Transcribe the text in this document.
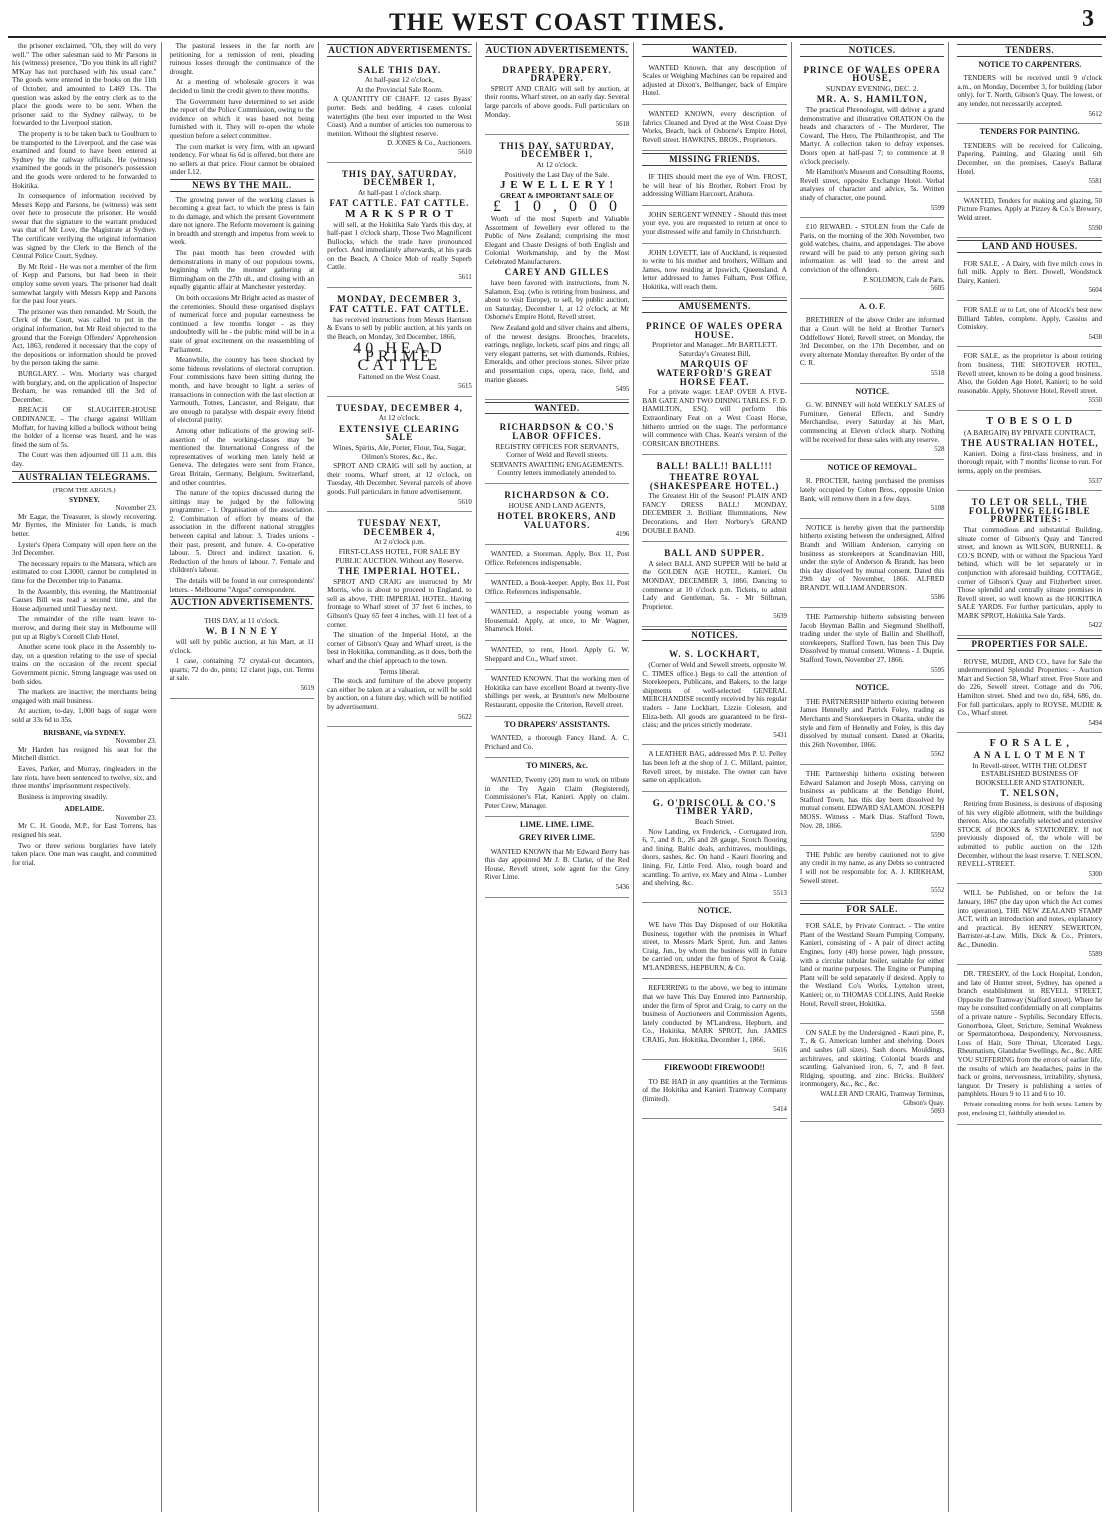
THE WEST COAST TIMES.	3

the prisoner exclaimed, "Oh, they will do very well." The other salesman said to Mr Parsons in his (witness) presence, "Do you think its all right? M'Kay has not purchased with his usual care." The goods were entered in the books on the 11th of October, and amounted to L469 13s. The question was asked by the entry clerk as to the place the goods were to be sent. When the prisoner said to the Sydney railway, to be forwarded to the Liverpool station.

The property is to be taken back to Goulburn to be transported to the Liverpool, and the case was examined and found to have been entered at Sydney by the railway officials. He (witness) examined the goods in the prisoner's possession and the goods were ordered to be forwarded to Hokitika.

In consequence of information received by Messrs Kepp and Parsons, he (witness) was sent over here to prosecute the prisoner. He would swear that the signature to the warrant produced was that of Mr Love, the Magistrate at Sydney. The certificate verifying the original information was signed by the Clerk to the Bench of the Central Police Court, Sydney.

By Mr Reid - He was not a member of the firm of Kepp and Parsons, but had been in their employ some seven years. The prisoner had dealt somewhat largely with Messrs Kepp and Parsons for the past four years.

The prisoner was then remanded. Mr South, the Clerk of the Court, was called to put in the original information, but Mr Reid objected to the ground that the Foreign Offenders' Apprehension Act, 1863, rendered it necessary that the copy of the depositions or information should be proved by the person taking the same.

BURGLARY. - Wm. Moriarty was charged with burglary, and, on the application of Inspector Broham, he was remanded till the 3rd of December.

BREACH OF SLAUGHTER-HOUSE ORDINANCE. - The charge against William Moffatt, for having killed a bullock without being the holder of a license was heard, and he was fined the sum of 5s.

The Court was then adjourned till 11 a.m. this day.

AUSTRALIAN TELEGRAMS.
(FROM THE ARGUS.)
SYDNEY.
November 23.

Mr Eagar, the Treasurer, is slowly recovering. Mr Byrnes, the Minister for Lands, is much better.

Lyster's Opera Company will open here on the 3rd December.

The necessary repairs to the Matsura, which are estimated to cost L3000, cannot be completed in time for the December trip to Panama.

In the Assembly, this evening, the Matrimonial Causes Bill was read a second time, and the House adjourned until Tuesday next.

The remainder of the rifle team leave to-morrow, and during their stay in Melbourne will put up at Rigby's Cornell Club Hotel.

Another scene took place in the Assembly to-day, on a question relating to the use of special trains on the occasion of the recent special Government picnic. Strong language was used on both sides.

The markets are inactive; the merchants being engaged with mail business.

At auction, to-day, 1,000 bags of sugar were sold at 33s 6d to 35s.

BRISBANE, via SYDNEY.
November 23.

Mr Harden has resigned his seat for the Mitchell district.

Eaves, Parker, and Murray, ringleaders in the late riots, have been sentenced to twelve, six, and three months' imprisonment respectively.

Business is improving steadily.

ADELAIDE.
November 23.

Mr C. H. Goode, M.P., for East Torrens, has resigned his seat.

Two or three serious burglaries have lately taken place. One man was caught, and committed for trial.

The pastoral lessees in the far north are petitioning for a remission of rent, pleading ruinous losses through the continuance of the drought.

At a meeting of wholesale grocers it was decided to limit the credit given to three months.

The Government have determined to set aside the report of the Police Commission, owing to the evidence on which it was based not being furnished with it. They will re-open the whole question before a select committee.

The corn market is very firm, with an upward tendency. For wheat 6s 6d is offered, but there are no sellers at that price. Flour cannot be obtained under L12.

NEWS BY THE MAIL.

The growing power of the working classes is becoming a great fact, to which the press is fain to do damage, and which the present Government dare not ignore. The Reform movement is gaining in breadth and strength and impetus from week to week.

The past month has been crowded with demonstrations in many of our populous towns, beginning with the monster gathering at Birmingham on the 27th ult., and closing with an equally gigantic affair at Manchester yesterday.

On both occasions Mr Bright acted as master of the ceremonies. Should these organised displays of numerical force and popular earnestness be continued a few months longer - as they undoubtedly will be - the public mind will be in a state of great excitement on the reassembling of Parliament.

Meanwhile, the country has been shocked by some hideous revelations of electoral corruption. Four commissions have been sitting during the month, and have brought to light a series of transactions in connection with the last election at Yarmouth, Totnes, Lancaster, and Reigate, that are enough to paralyse with despair every friend of electoral purity.

Among other indications of the growing self-assertion of the working-classes may be mentioned the International Congress of the representatives of working men lately held at Geneva. The delegates were sent from France, Great Britain, Germany, Belgium, Switzerland, and other countries.

The nature of the topics discussed during the sittings may be judged by the following programme: - 1. Organisation of the association. 2. Combination of effort by means of the association in the different national struggles between capital and labour. 3. Trades unions - their past, present, and future. 4. Co-operative labour. 5. Direct and indirect taxation. 6. Reduction of the hours of labour. 7. Female and children's labour.

The details will be found in our correspondents' letters. - Melbourne "Argus" correspondent.

AUCTION ADVERTISEMENTS.
THIS DAY, at 11 o'clock.
W. B I N N E Y

will sell by public auction, at his Mart, at 11 o'clock.

1 case, containing 72 crystal-cut decanters, quarts; 72 do do, pints; 12 claret jugs, cut. Terms at sale.

5619
AUCTION ADVERTISEMENTS.
SALE THIS DAY.
At half-past 12 o'clock,
At the Provincial Sale Room.

A QUANTITY OF CHAFF. 12 cases Byass' porter. Beds and bedding. 4 cases colonial watertights (the best ever imported to the West Coast). And a number of articles too numerous to mention. Without the slightest reserve.

D. JONES & Co., Auctioneers.
5610
THIS DAY, SATURDAY, DECEMBER 1,
At half-past 1 o'clock sharp.
FAT CATTLE. FAT CATTLE.
M A R K S P R O T

will sell, at the Hokitika Sale Yards this day, at half-past 1 o'clock sharp, Those Two Magnificent Bullocks, which the trade have pronounced perfect. And immediately afterwards, at his yards on the Beach, A Choice Mob of really Superb Cattle.

5611
MONDAY, DECEMBER 3,
FAT CATTLE. FAT CATTLE.

has received instructions from Messrs Harrison & Evans to sell by public auction, at his yards on the Beach, on Monday, 3rd December, 1866,

40 HEAD PRIME CATTLE
Fattened on the West Coast.
5615
TUESDAY, DECEMBER 4,
At 12 o'clock.
EXTENSIVE CLEARING SALE
Wines, Spirits, Ale, Porter, Flour, Tea, Sugar, Oilmen's Stores, &c., &c.

SPROT AND CRAIG will sell by auction, at their rooms, Wharf street, at 12 o'clock, on Tuesday, 4th December. Several parcels of above goods. Full particulars in future advertisement.

5610
TUESDAY NEXT, DECEMBER 4,
At 2 o'clock p.m.
FIRST-CLASS HOTEL, FOR SALE BY PUBLIC AUCTION. Without any Reserve.
THE IMPERIAL HOTEL.

SPROT AND CRAIG are instructed by Mr Morris, who is about to proceed to England, to sell as above. THE IMPERIAL HOTEL. Having frontage to Wharf street of 37 feet 6 inches, to Gibson's Quay 65 feet 4 inches, with 11 feet of a corner.

The situation of the Imperial Hotel, at the corner of Gibson's Quay and Wharf street, is the best in Hokitika, commanding, as it does, both the wharf and the chief approach to the town.

Terms liberal.

The stock and furniture of the above property can either be taken at a valuation, or will be sold by auction, on a future day, which will be notified by advertisement.

5622
AUCTION ADVERTISEMENTS.
DRAPERY. DRAPERY. DRAPERY.

SPROT AND CRAIG will sell by auction, at their rooms, Wharf street, on an early day. Several large parcels of above goods. Full particulars on Monday.

5618
THIS DAY, SATURDAY, DECEMBER 1,
At 12 o'clock.
Positively the Last Day of the Sale.
J E W E L L E R Y !
GREAT & IMPORTANT SALE OF
£ 1 0 , 0 0 0

Worth of the most Superb and Valuable Assortment of Jewellery ever offered to the Public of New Zealand; comprising the most Elegant and Chaste Designs of both English and Colonial Workmanship, and by the Most Celebrated Manufacturers.

CAREY AND GILLES

have been favored with instructions, from N. Salamon, Esq. (who is retiring from business, and about to visit Europe), to sell, by public auction, on Saturday, December 1, at 12 o'clock, at Mr Osborne's Empire Hotel, Revell street.

New Zealand gold and silver chains and alberts, of the newest designs. Brooches, bracelets, earrings, neglige, lockets, scarf pins and rings; all very elegant patterns, set with diamonds, Rubies, Emeralds, and other precious stones. Silver prize and presentation cups, opera, race, field, and marine glasses.

5495
WANTED.
RICHARDSON & CO.'S LABOR OFFICES.
REGISTRY OFFICES FOR SERVANTS, Corner of Weld and Revell streets.
SERVANTS AWAITING ENGAGEMENTS. Country letters immediately attended to.
RICHARDSON & CO.
HOUSE AND LAND AGENTS,
HOTEL BROKERS, AND VALUATORS.
4196

WANTED, a Storeman. Apply, Box 11, Post Office. References indispensable.

WANTED, a Book-keeper. Apply, Box 11, Post Office. References indispensable.

WANTED, a respectable young woman as Housemaid. Apply, at once, to Mr Wagner, Shamrock Hotel.

WANTED, to rent, Hotel. Apply G. W. Sheppard and Co., Wharf street.

WANTED KNOWN. That the working men of Hokitika can have excellent Board at twenty-five shillings per week, at Brunton's new Melbourne Restaurant, opposite the Criterion, Revell street.

TO DRAPERS' ASSISTANTS.

WANTED, a thorough Fancy Hand. A. C. Prichard and Co.

TO MINERS, &c.

WANTED, Twenty (20) men to work on tribute in the Try Again Claim (Registered), Commissioner's Flat, Kanieri. Apply on claim. Peter Crew, Manager.

LIME. LIME. LIME.
GREY RIVER LIME.

WANTED KNOWN that Mr Edward Berry has this day appointed Mr J. B. Clarke, of the Red House, Revell street, sole agent for the Grey River Lime.

5436
WANTED.

WANTED Known, that any description of Scales or Weighing Machines can be repaired and adjusted at Dixon's, Bellhanger, back of Empire Hotel.

WANTED KNOWN, every description of fabrics Cleaned and Dyed at the West Coast Dye Works, Beach, back of Osborne's Empire Hotel, Revell street. HAWKINS, BROS., Proprietors.

MISSING FRIENDS.

IF THIS should meet the eye of Wm. FROST, he will hear of his Brother, Robert Frost by addressing William Harcourt, Arahura.

JOHN SERGENT WINNEY - Should this meet your eye, you are requested to return at once to your distressed wife and family in Christchurch.

JOHN LOVETT, late of Auckland, is requested to write to his mother and brothers, William and James, now residing at Ipswich, Queensland. A letter addressed to James Fulham, Post Office, Hokitika, will reach them.

AMUSEMENTS.
PRINCE OF WALES OPERA HOUSE.
Proprietor and Manager...Mr BARTLETT. Saturday's Greatest Bill,
MARQUIS OF WATERFORD'S GREAT HORSE FEAT.

For a private wager. LEAP OVER A FIVE-BAR GATE AND TWO DINING TABLES. F. D. HAMILTON, ESQ. will perform this Extraordinary Feat on a West Coast Horse, hitherto untried on the stage. The performance will commence with Chas. Kean's version of the CORSICAN BROTHERS.

BALL! BALL!! BALL!!!
THEATRE ROYAL (SHAKESPEARE HOTEL.)

The Greatest Hit of the Season! PLAIN AND FANCY DRESS BALL! MONDAY, DECEMBER 3. Brilliant Illuminations, New Decorations, and Herr Norbury's GRAND DOUBLE BAND.

BALL AND SUPPER.

A select BALL AND SUPPER Will be held at the GOLDEN AGE HOTEL, Kanieri, On MONDAY, DECEMBER 3, 1866. Dancing to commence at 10 o'clock p.m. Tickets, to admit Lady and Gentleman, 5s. - Mr Stillman, Proprietor.

5639
NOTICES.
W. S. LOCKHART,

(Corner of Weld and Sewell streets, opposite W. C. TIMES office.) Begs to call the attention of Storekeepers, Publicans, and Bakers, to the large shipments of well-selected GENERAL MERCHANDISE recently received by his regular traders - Jane Lockhart, Lizzie Coleson, and Eliza-beth. All goods are guaranteed to be first-class; and the prices strictly moderate.

5431

A LEATHER BAG, addressed Mrs P. U. Pelley has been left at the shop of J. C. Millard, painter, Revell street, by mistake. The owner can have same on application.

G. O'DRISCOLL & CO.'S TIMBER YARD,
Beach Street.

Now Landing, ex Frederick, - Corrugated iron, 6, 7, and 8 ft., 26 and 28 gauge, Scotch flooring and lining. Baltic deals, architraves, mouldings, doors, sashes, &c. On hand - Kauri flooring and lining, Fir, Little Fred. Also, rough board and scantling. To arrive, ex Mary and Alma - Lumber and shelving, &c.

5513
NOTICE.

WE have This Day Disposed of our Hokitika Business, together with the premises in Wharf street, to Messrs Mark Sprot, Jun. and James Craig, Jun., by whom the business will in future be carried on, under the firm of Sprot & Craig. M'LANDRESS, HEPBURN, & Co.

REFERRING to the above, we beg to intimate that we have This Day Entered into Partnership, under the firm of Sprot and Craig, to carry on the business of Auctioneers and Commission Agents, lately conducted by M'Landress, Hepburn, and Co., Hokitika. MARK SPROT, Jun. JAMES CRAIG, Jun. Hokitika, December 1, 1866.

5616
FIREWOOD! FIREWOOD!!

TO BE HAD in any quantities at the Terminus of the Hokitika and Kanieri Tramway Company (limited).

5414
NOTICES.
PRINCE OF WALES OPERA HOUSE,
SUNDAY EVENING, DEC. 2.
MR. A. S. HAMILTON,

The practical Phrenologist, will deliver a grand demonstrative and illustrative ORATION On the heads and characters of - The Murderer, The Coward, The Hero, The Philanthropist, and The Martyr. A collection taken to defray expenses. Doors open at half-past 7; to commence at 8 o'clock precisely.

Mr Hamilton's Museum and Consulting Rooms, Revell street, opposite Exchange Hotel. Verbal analyses of character and advice, 5s. Written study of character, one pound.

5599

£10 REWARD. - STOLEN from the Cafe de Paris, on the morning of the 30th November, two gold watches, chains, and appendages. The above reward will be paid to any person giving such information as will lead to the arrest and conviction of the offenders.

P. SOLOMON, Cafe de Paris.
5605
A. O. F.

BRETHREN of the above Order are informed that a Court will be held at Brother Turner's Oddfellows' Hotel, Revell street, on Monday, the 3rd December, on the 17th December, and on every alternate Monday thereafter. By order of the C. R.

5518
NOTICE.

G. W. BINNEY will hold WEEKLY SALES of Furniture, General Effects, and Sundry Merchandise, every Saturday at his Mart, commencing at Eleven o'clock sharp. Nothing will be received for these sales with any reserve.

528
NOTICE OF REMOVAL.

R. PROCTER, having purchased the premises lately occupied by Cohen Bros., opposite Union Bank, will remove there in a few days.

5108

NOTICE is hereby given that the partnership hitherto existing between the undersigned, Alfred Brandt and William Anderson, carrying on business as storekeepers at Scandinavian Hill, under the style of Anderson & Brandt, has been this day dissolved by mutual consent. Dated this 29th day of November, 1866. ALFRED BRANDT. WILLIAM ANDERSON.

5586

THE Partnership hitherto subsisting between Jacob Heyman Ballin and Siegmund Shellhoff, trading under the style of Ballin and Shellhoff, storekeepers, Stafford Town, has been This Day Dissolved by mutual consent. Witness - J. Duprie. Stafford Town, November 27, 1866.

5595
NOTICE.

THE PARTNERSHIP hitherto existing between James Hennelly and Patrick Foley, trading as Merchants and Storekeepers in Okarita, under the style and firm of Hennelly and Foley, is this day dissolved by mutual consent. Dated at Okarita, this 26th November, 1866.

5562

THE Partnership hitherto existing between Edward Salamon and Joseph Moss, carrying on business as publicans at the Bendigo Hotel, Stafford Town, has this day been dissolved by mutual consent. EDWARD SALAMON. JOSEPH MOSS. Witness - Mark Dias. Stafford Town, Nov. 28, 1866.

5590

THE Public are hereby cautioned not to give any credit in my name, as any Debts so contracted I will not be responsible for. A. J. KIRKHAM, Sewell street.

5552
FOR SALE.

FOR SALE, by Private Contract. - The entire Plant of the Westland Steam Pumping Company, Kanieri, consisting of - A pair of direct acting Engines, forty (40) horse power, high pressure, with a circular tubular boiler, suitable for either land or marine purposes. The Engine or Pumping Plant will be sold separately if desired. Apply to the Westland Co's Works, Lyttelton street, Kanieri; or, to THOMAS COLLINS, Auld Reekie Hotel, Revell street, Hokitika.

5568

ON SALE by the Undersigned - Kauri pine, P., T., & G. American lumber and shelving. Doors and sashes (all sizes). Sash doors. Mouldings, architraves, and skirting. Colonial boards and scantling. Galvanised iron, 6, 7, and 8 feet. Ridging, spouting, and zinc. Bricks. Builders' ironmongery, &c., &c., &c.

WALLER AND CRAIG, Tramway Terminus, Gibson's Quay.
5093
TENDERS.
NOTICE TO CARPENTERS.

TENDERS will be received until 9 o'clock a.m., on Monday, December 3, for building (labor only). for T. North, Gibson's Quay. The lowest, or any tender, not necessarily accepted.

5612
TENDERS FOR PAINTING.

TENDERS will be received for Calicoing, Papering, Painting, and Glazing until 6th December, on the premises, Casey's Ballarat Hotel.

5581

WANTED, Tenders for making and glazing, 50 Picture Frames. Apply at Pizzey & Co.'s Brewery, Weld street.

5590
LAND AND HOUSES.

FOR SALE, - A Dairy, with five milch cows in full milk. Apply to Bert. Dowell, Woodstock Dairy, Kanieri.

5604

FOR SALE or to Let, one of Alcock's best new Billiard Tables, complete. Apply, Cassius and Comiskey.

5438

FOR SALE, as the proprietor is about retiring from business, THE SHOTOVER HOTEL, Revell street, known to be doing a good business. Also, the Golden Age Hotel, Kanieri; to be sold reasonable. Apply, Shotover Hotel, Revell street.

5550
T O B E S O L D
(A BARGAIN) BY PRIVATE CONTRACT,
THE AUSTRALIAN HOTEL,

Kanieri. Doing a first-class business, and in thorough repair, with 7 months' license to run. For terms, apply on the premises.

5537
TO LET OR SELL, THE FOLLOWING ELIGIBLE PROPERTIES: -

That commodious and substantial Building, situate corner of Gibson's Quay and Tancred street, and known as WILSON, BURNELL & CO.'S BOND, with or without the Spacious Yard behind, which will be let separately or in conjunction with aforesaid building. COTTAGE, corner of Gibson's Quay and Fitzherbert street. Those splendid and centrally situate premises in Revell street, so well known as the HOKITIKA SALE YARDS. For further particulars, apply to MARK SPROT, Hokitika Sale Yards.

5422
PROPERTIES FOR SALE.

ROYSE, MUDIE, AND CO., have for Sale the undermentioned Splendid Properties: - Auction Mart and Section 58, Wharf street. Free Store and do 226, Sewell street. Cottage and do 706, Hamilton street. Shed and two do, 684, 686, do. For full particulars, apply to ROYSE, MUDIE & Co., Wharf street.

5494
F O R S A L E ,
A N A L L O T M E N T
In Revell-street, WITH THE OLDEST ESTABLISHED BUSINESS OF BOOKSELLER AND STATIONER,
T. NELSON,

Retiring from Business, is desirous of disposing of his very eligible allotment, with the buildings thereon. Also, the carefully selected and extensive STOCK of BOOKS & STATIONERY. If not previously disposed of, the whole will be submitted to public auction on the 12th December, without the least reserve. T. NELSON, REVELL-STREET.

5300

WILL be Published, on or before the 1st January, 1867 (the day upon which the Act comes into operation), THE NEW ZEALAND STAMP ACT, with an introduction and notes, explanatory and practical. By HENRY SEWERTON, Barrister-at-Law. Mills, Dick & Co., Printers, &c., Dunedin.

5589

DR. TRESERY, of the Lock Hospital, London, and late of Hunter street, Sydney, has opened a branch establishment in REVELL STREET, Opposite the Tramway (Stafford street). Where he may be consulted confidentially on all complaints of a private nature - Syphilis, Secondary Effects, Gonorrhoea, Gleet, Stricture, Seminal Weakness or Spermatorrhoea, Despondency, Nervousness, Loss of Hair, Sore Throat, Ulcerated Legs, Rheumatism, Glandular Swellings, &c., &c. ARE YOU SUFFERING from the errors of earlier life, the results of which are headaches, pains in the back or groins, nervousness, irritability, shyness, languor. Dr Tresery is publishing a series of pamphlets. Hours 9 to 11 and 6 to 10.

Private consulting rooms for both sexes. Letters by post, enclosing £1, faithfully attended to.
